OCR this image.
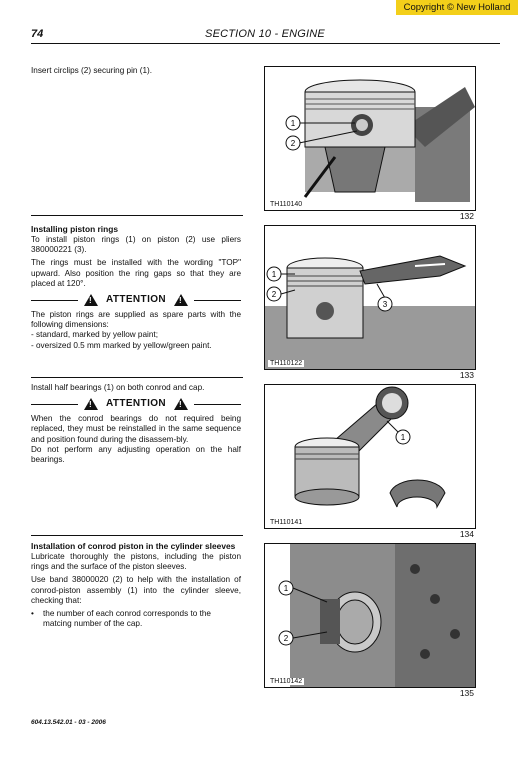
Copyright © New Holland
74	SECTION 10 - ENGINE

Insert circlips (2) securing pin (1).

Installing piston rings

To install piston rings (1) on piston (2) use pliers 380000221 (3).

The rings must be installed with the wording "TOP" upward. Also position the ring gaps so that they are placed at 120°.

!
ATTENTION
!

The piston rings are supplied as spare parts with the following dimensions:

- standard, marked by yellow paint;

- oversized 0.5 mm marked by yellow/green paint.

Install half bearings (1) on both conrod and cap.

!
ATTENTION
!

When the conrod bearings do not required being replaced, they must be reinstalled in the same sequence and position found during the disassem-bly.

Do not perform any adjusting operation on the half bearings.

Installation of conrod piston in the cylinder sleeves

Lubricate thoroughly the pistons, including the piston rings and the surface of the piston sleeves.

Use band 38000020 (2) to help with the installation of conrod-piston assembly (1) into the cylinder sleeve, checking that:

•	the number of each conrod corresponds to the matcing number of the cap.
1
2
TH110140
132
1
2
3
TH110122
133
1
TH110141
134
1
2
TH110142
135
604.13.542.01 - 03 - 2006
